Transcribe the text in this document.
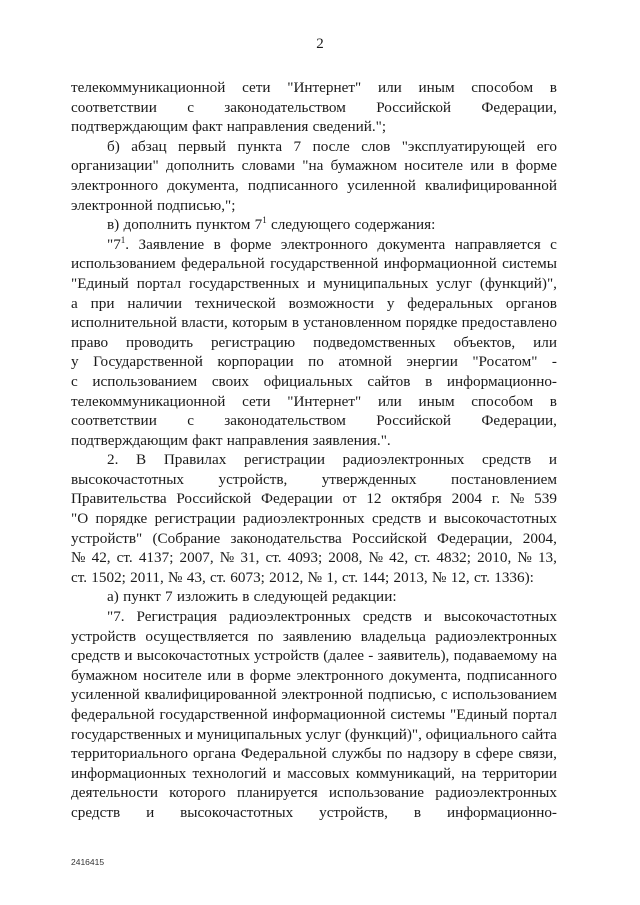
2
телекоммуникационной сети "Интернет" или иным способом в
соответствии с законодательством Российской Федерации,
подтверждающим факт направления сведений.";
б) абзац первый пункта 7 после слов "эксплуатирующей его
организации" дополнить словами "на бумажном носителе или в форме
электронного документа, подписанного усиленной квалифицированной
электронной подписью,";
в) дополнить пунктом $7^1$ следующего содержания:
"$7^1$. Заявление в форме электронного документа направляется с
использованием федеральной государственной информационной системы
"Единый портал государственных и муниципальных услуг (функций)",
а при наличии технической возможности у федеральных органов
исполнительной власти, которым в установленном порядке предоставлено
право проводить регистрацию подведомственных объектов, или
у Государственной корпорации по атомной энергии "Росатом" -
с использованием своих официальных сайтов в информационно-
телекоммуникационной сети "Интернет" или иным способом в
соответствии с законодательством Российской Федерации,
подтверждающим факт направления заявления.".
2. В Правилах регистрации радиоэлектронных средств и
высокочастотных устройств, утвержденных постановлением
Правительства Российской Федерации от 12 октября 2004 г. № 539
"О порядке регистрации радиоэлектронных средств и высокочастотных
устройств" (Собрание законодательства Российской Федерации, 2004,
№ 42, ст. 4137; 2007, № 31, ст. 4093; 2008, № 42, ст. 4832; 2010, № 13,
ст. 1502; 2011, № 43, ст. 6073; 2012, № 1, ст. 144; 2013, № 12, ст. 1336):
а) пункт 7 изложить в следующей редакции:
"7. Регистрация радиоэлектронных средств и высокочастотных
устройств осуществляется по заявлению владельца радиоэлектронных
средств и высокочастотных устройств (далее - заявитель), подаваемому на
бумажном носителе или в форме электронного документа, подписанного
усиленной квалифицированной электронной подписью, с использованием
федеральной государственной информационной системы "Единый портал
государственных и муниципальных услуг (функций)", официального сайта
территориального органа Федеральной службы по надзору в сфере связи,
информационных технологий и массовых коммуникаций, на территории
деятельности которого планируется использование радиоэлектронных
средств и высокочастотных устройств, в информационно-
2416415
